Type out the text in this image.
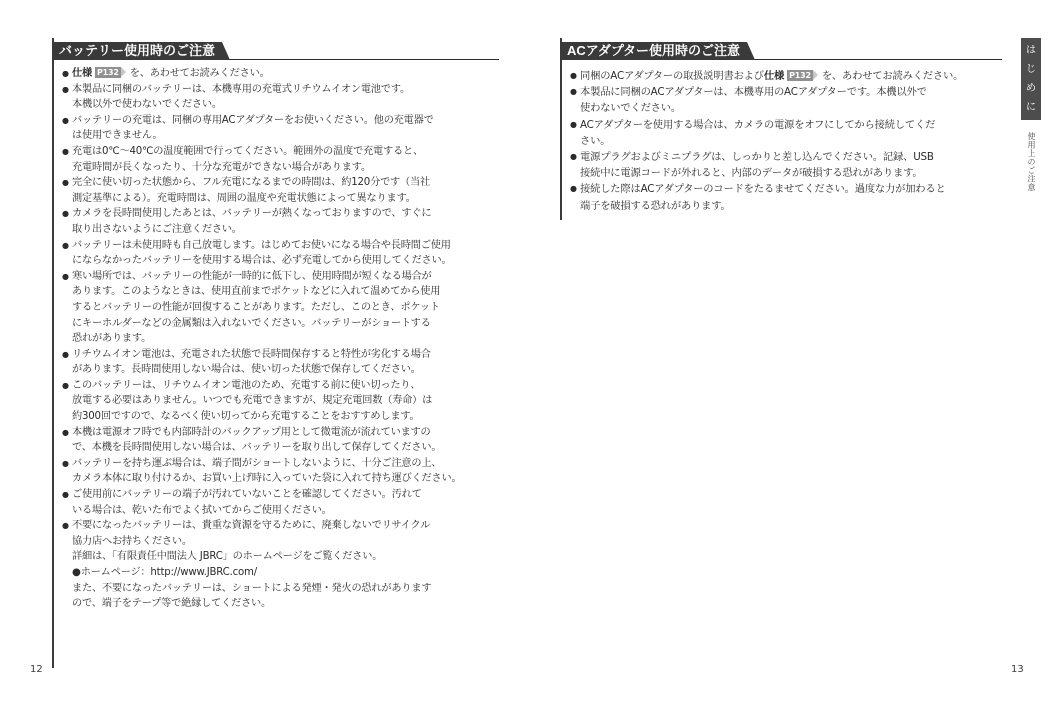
バッテリー使用時のご注意
● 仕様 P132 を、あわせてお読みください。
● 本製品に同梱のバッテリーは、本機専用の充電式リチウムイオン電池です。
本機以外で使わないでください。
● バッテリーの充電は、同梱の専用ACアダプターをお使いください。他の充電器で
は使用できません。
● 充電は0℃～40℃の温度範囲で行ってください。範囲外の温度で充電すると、
充電時間が長くなったり、十分な充電ができない場合があります。
● 完全に使い切った状態から、フル充電になるまでの時間は、約120分です（当社
測定基準による）。充電時間は、周囲の温度や充電状態によって異なります。
● カメラを長時間使用したあとは、バッテリーが熱くなっておりますので、すぐに
取り出さないようにご注意ください。
● バッテリーは未使用時も自己放電します。はじめてお使いになる場合や長時間ご使用
にならなかったバッテリーを使用する場合は、必ず充電してから使用してください。
● 寒い場所では、バッテリーの性能が一時的に低下し、使用時間が短くなる場合が
あります。このようなときは、使用直前までポケットなどに入れて温めてから使用
するとバッテリーの性能が回復することがあります。ただし、このとき、ポケット
にキーホルダーなどの金属類は入れないでください。バッテリーがショートする
恐れがあります。
● リチウムイオン電池は、充電された状態で長時間保存すると特性が劣化する場合
があります。長時間使用しない場合は、使い切った状態で保存してください。
● このバッテリーは、リチウムイオン電池のため、充電する前に使い切ったり、
放電する必要はありません。いつでも充電できますが、規定充電回数（寿命）は
約300回ですので、なるべく使い切ってから充電することをおすすめします。
● 本機は電源オフ時でも内部時計のバックアップ用として微電流が流れていますの
で、本機を長時間使用しない場合は、バッテリーを取り出して保存してください。
● バッテリーを持ち運ぶ場合は、端子間がショートしないように、十分ご注意の上、
カメラ本体に取り付けるか、お買い上げ時に入っていた袋に入れて持ち運びください。
● ご使用前にバッテリーの端子が汚れていないことを確認してください。汚れて
いる場合は、乾いた布でよく拭いてからご使用ください。
● 不要になったバッテリーは、貴重な資源を守るために、廃棄しないでリサイクル
協力店へお持ちください。
詳細は、「有限責任中間法人 JBRC」のホームページをご覧ください。
●ホームページ：http://www.JBRC.com/
また、不要になったバッテリーは、ショートによる発煙・発火の恐れがあります
ので、端子をテープ等で絶縁してください。
12
ACアダプター使用時のご注意
● 同梱のACアダプターの取扱説明書および仕様 P132 を、あわせてお読みください。
● 本製品に同梱のACアダプターは、本機専用のACアダプターです。本機以外で
使わないでください。
● ACアダプターを使用する場合は、カメラの電源をオフにしてから接続してくだ
さい。
● 電源プラグおよびミニプラグは、しっかりと差し込んでください。記録、USB
接続中に電源コードが外れると、内部のデータが破損する恐れがあります。
● 接続した際はACアダプターのコードをたるませてください。過度な力が加わると
端子を破損する恐れがあります。
は
じ
め
に
使用上のご注意
13
